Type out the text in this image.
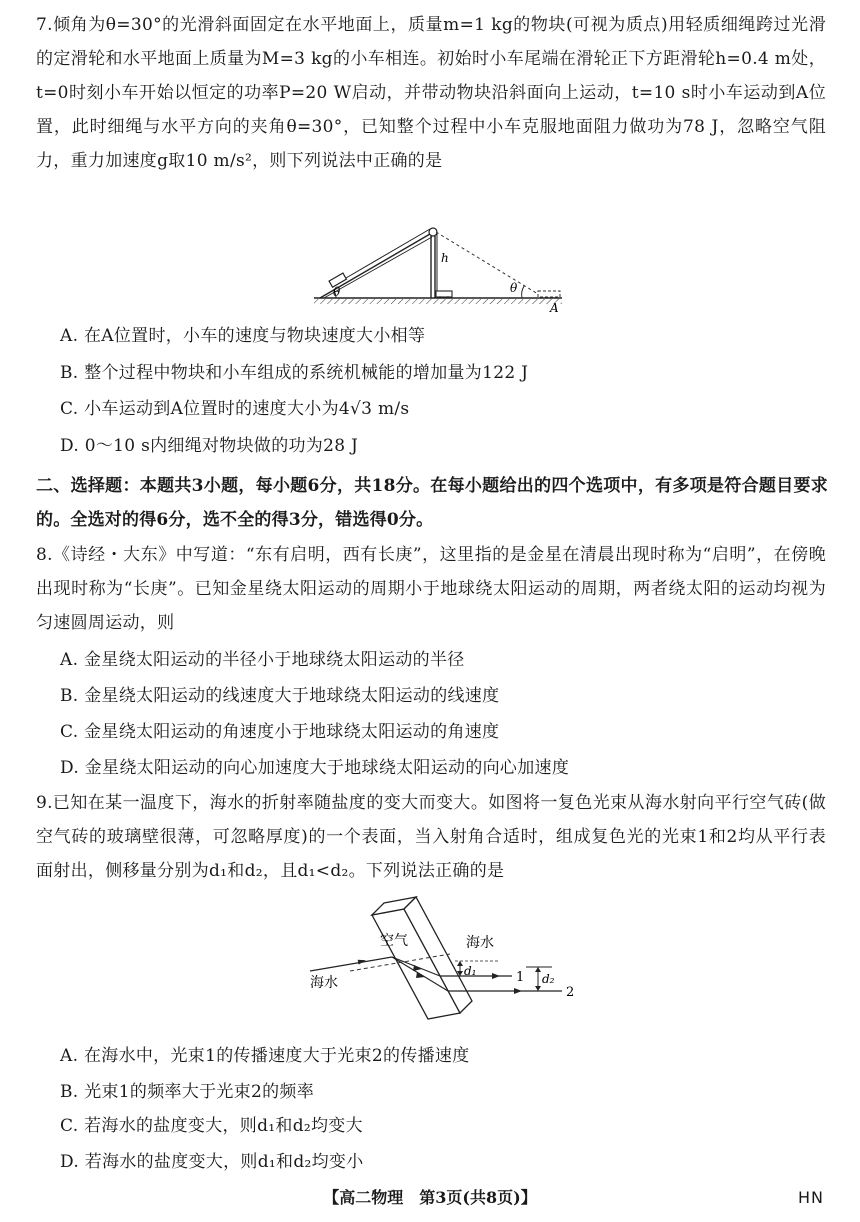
7.倾角为θ=30°的光滑斜面固定在水平地面上，质量m=1 kg的物块(可视为质点)用轻质细绳跨过光滑的定滑轮和水平地面上质量为M=3 kg的小车相连。初始时小车尾端在滑轮正下方距滑轮h=0.4 m处，t=0时刻小车开始以恒定的功率P=20 W启动，并带动物块沿斜面向上运动，t=10 s时小车运动到A位置，此时细绳与水平方向的夹角θ=30°，已知整个过程中小车克服地面阻力做功为78 J，忽略空气阻力，重力加速度g取10 m/s²，则下列说法中正确的是
θ
h
θ
A
A. 在A位置时，小车的速度与物块速度大小相等
B. 整个过程中物块和小车组成的系统机械能的增加量为122 J
C. 小车运动到A位置时的速度大小为4√3 m/s
D. 0～10 s内细绳对物块做的功为28 J
二、选择题：本题共3小题，每小题6分，共18分。在每小题给出的四个选项中，有多项是符合题目要求的。全选对的得6分，选不全的得3分，错选得0分。
8.《诗经・大东》中写道：“东有启明，西有长庚”，这里指的是金星在清晨出现时称为“启明”，在傍晚出现时称为“长庚”。已知金星绕太阳运动的周期小于地球绕太阳运动的周期，两者绕太阳的运动均视为匀速圆周运动，则
A. 金星绕太阳运动的半径小于地球绕太阳运动的半径
B. 金星绕太阳运动的线速度大于地球绕太阳运动的线速度
C. 金星绕太阳运动的角速度小于地球绕太阳运动的角速度
D. 金星绕太阳运动的向心加速度大于地球绕太阳运动的向心加速度
9.已知在某一温度下，海水的折射率随盐度的变大而变大。如图将一复色光束从海水射向平行空气砖(做空气砖的玻璃壁很薄，可忽略厚度)的一个表面，当入射角合适时，组成复色光的光束1和2均从平行表面射出，侧移量分别为d₁和d₂，且d₁<d₂。下列说法正确的是
空气	海水
海水
d₁
d₂
1
2
A. 在海水中，光束1的传播速度大于光束2的传播速度
B. 光束1的频率大于光束2的频率
C. 若海水的盐度变大，则d₁和d₂均变大
D. 若海水的盐度变大，则d₁和d₂均变小
【高二物理　第3页(共8页)】	HN
